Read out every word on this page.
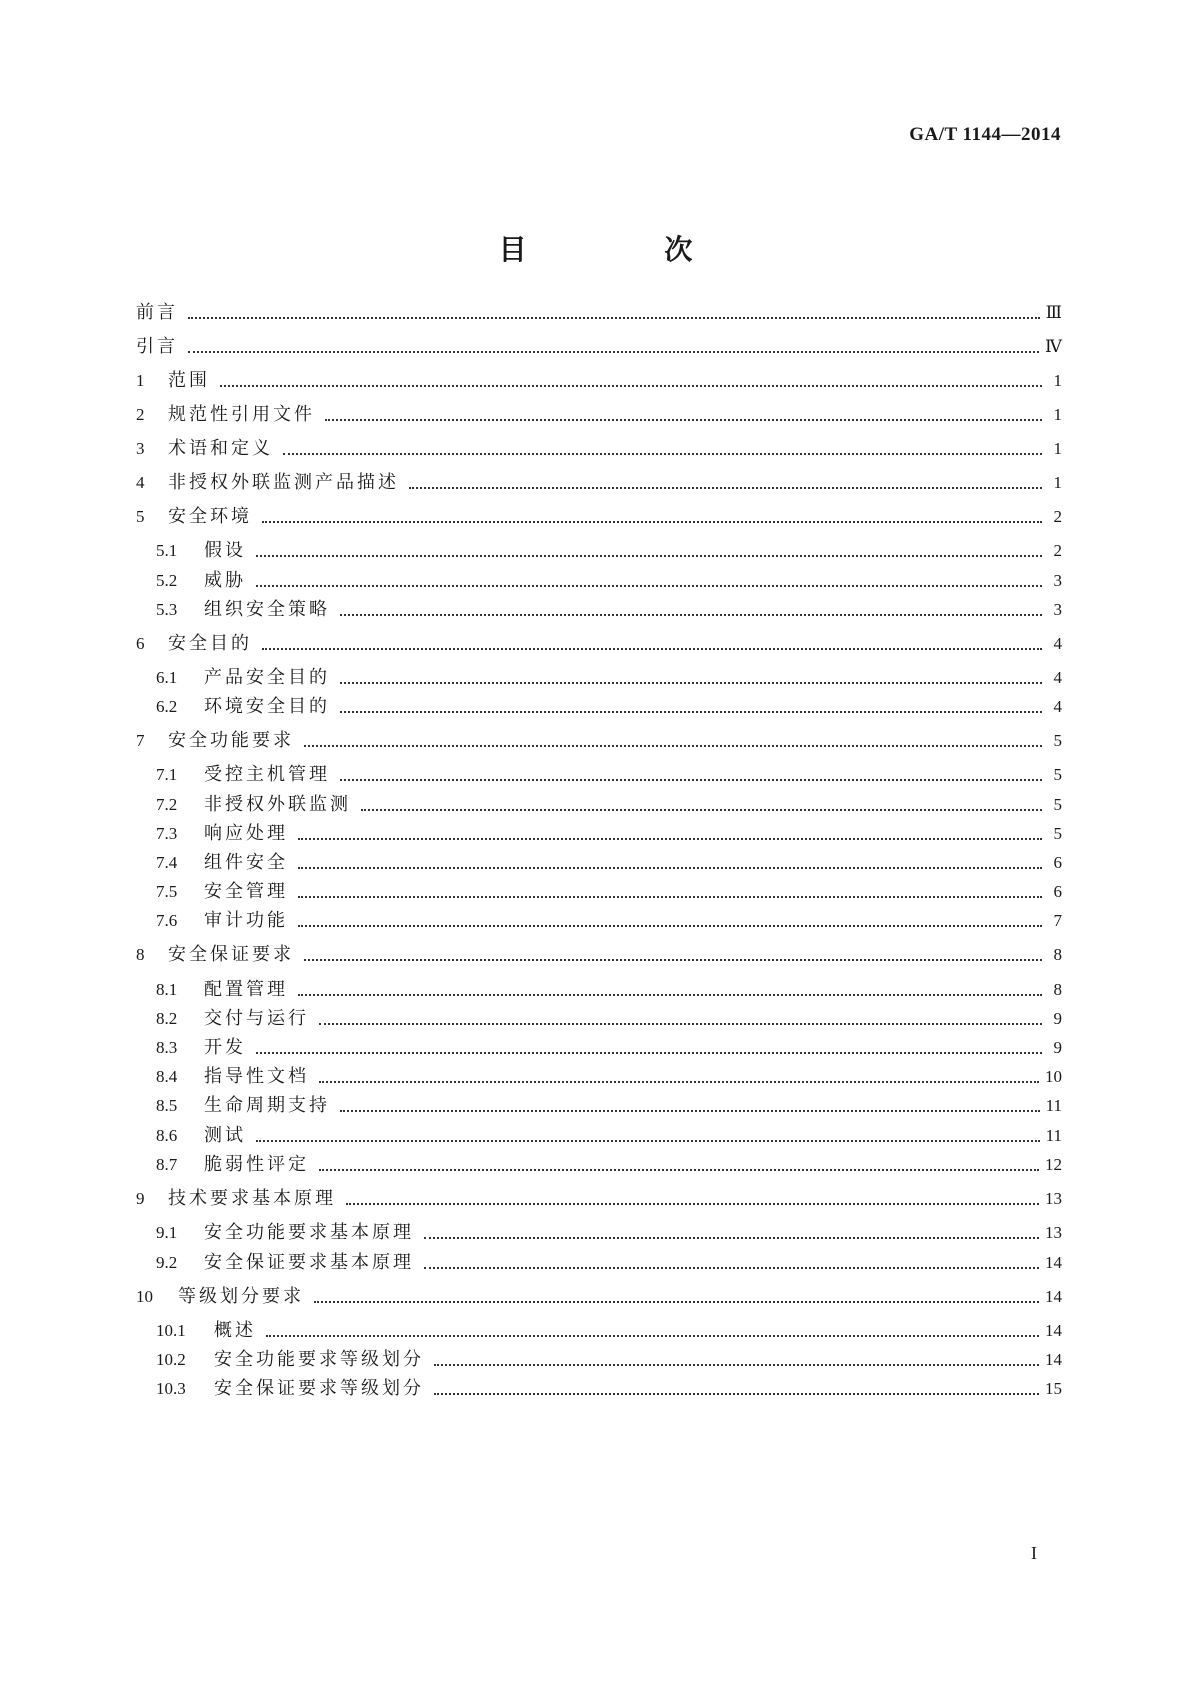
GA/T 1144—2014
目 次
前言	Ⅲ
引言	Ⅳ
1	范围	1
2	规范性引用文件	1
3	术语和定义	1
4	非授权外联监测产品描述	1
5	安全环境	2
5.1	假设	2
5.2	威胁	3
5.3	组织安全策略	3
6	安全目的	4
6.1	产品安全目的	4
6.2	环境安全目的	4
7	安全功能要求	5
7.1	受控主机管理	5
7.2	非授权外联监测	5
7.3	响应处理	5
7.4	组件安全	6
7.5	安全管理	6
7.6	审计功能	7
8	安全保证要求	8
8.1	配置管理	8
8.2	交付与运行	9
8.3	开发	9
8.4	指导性文档	10
8.5	生命周期支持	11
8.6	测试	11
8.7	脆弱性评定	12
9	技术要求基本原理	13
9.1	安全功能要求基本原理	13
9.2	安全保证要求基本原理	14
10	等级划分要求	14
10.1	概述	14
10.2	安全功能要求等级划分	14
10.3	安全保证要求等级划分	15
I
